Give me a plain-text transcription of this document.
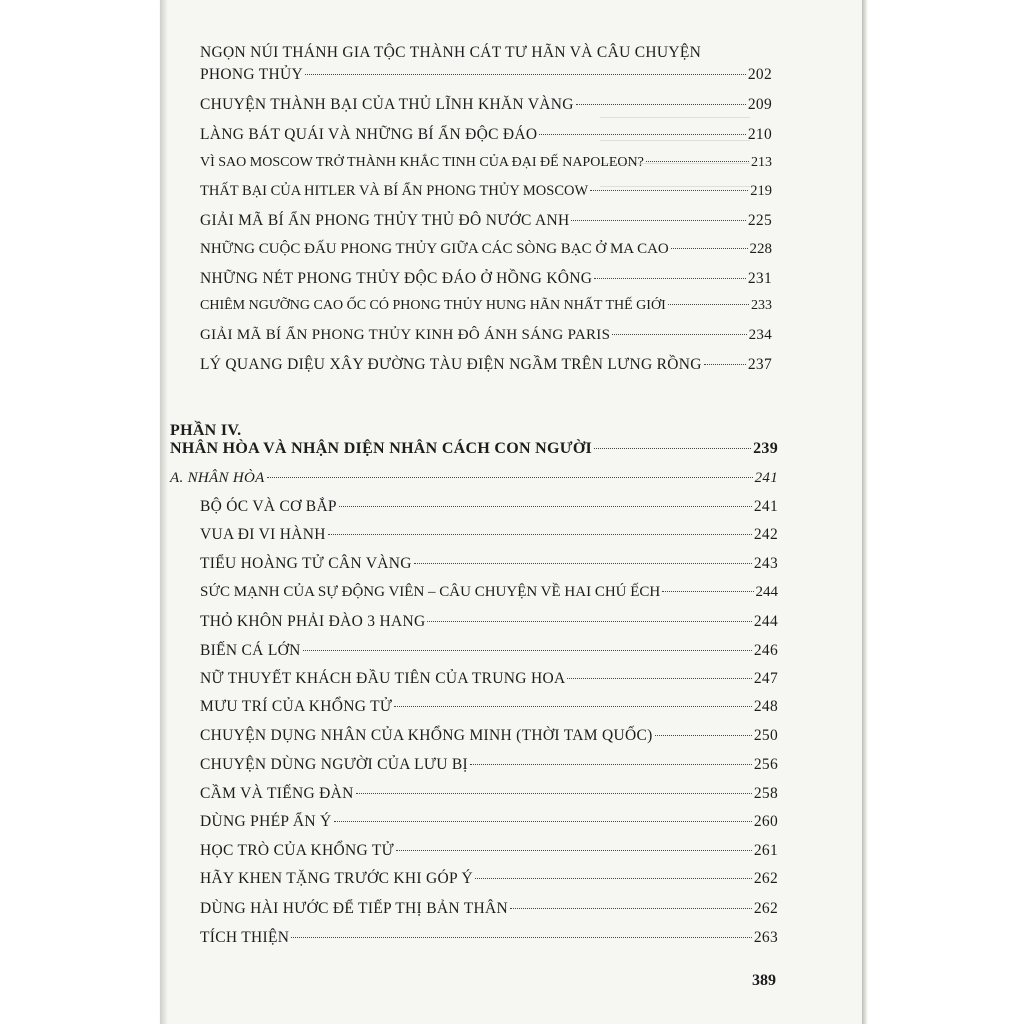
NGỌN NÚI THÁNH GIA TỘC THÀNH CÁT TƯ HÃN VÀ CÂU CHUYỆN
PHONG THỦY	202
CHUYỆN THÀNH BẠI CỦA THỦ LĨNH KHĂN VÀNG	209
LÀNG BÁT QUÁI VÀ NHỮNG BÍ ẨN ĐỘC ĐÁO	210
VÌ SAO MOSCOW TRỞ THÀNH KHẮC TINH CỦA ĐẠI ĐẾ NAPOLEON?	213
THẤT BẠI CỦA HITLER VÀ BÍ ẨN PHONG THỦY MOSCOW	219
GIẢI MÃ BÍ ẨN PHONG THỦY THỦ ĐÔ NƯỚC ANH	225
NHỮNG CUỘC ĐẤU PHONG THỦY GIỮA CÁC SÒNG BẠC Ở MA CAO	228
NHỮNG NÉT PHONG THỦY ĐỘC ĐÁO Ở HỒNG KÔNG	231
CHIÊM NGƯỠNG CAO ỐC CÓ PHONG THỦY HUNG HÃN NHẤT THẾ GIỚI	233
GIẢI MÃ BÍ ẨN PHONG THỦY KINH ĐÔ ÁNH SÁNG PARIS	234
LÝ QUANG DIỆU XÂY ĐƯỜNG TÀU ĐIỆN NGẦM TRÊN LƯNG RỒNG	237
PHẦN IV.
NHÂN HÒA VÀ NHẬN DIỆN NHÂN CÁCH CON NGƯỜI	239
A. NHÂN HÒA	241
BỘ ÓC VÀ CƠ BẮP	241
VUA ĐI VI HÀNH	242
TIỂU HOÀNG TỬ CÂN VÀNG	243
SỨC MẠNH CỦA SỰ ĐỘNG VIÊN – CÂU CHUYỆN VỀ HAI CHÚ ẾCH	244
THỎ KHÔN PHẢI ĐÀO 3 HANG	244
BIẾN CÁ LỚN	246
NỮ THUYẾT KHÁCH ĐẦU TIÊN CỦA TRUNG HOA	247
MƯU TRÍ CỦA KHỔNG TỬ	248
CHUYỆN DỤNG NHÂN CỦA KHỔNG MINH (THỜI TAM QUỐC)	250
CHUYỆN DÙNG NGƯỜI CỦA LƯU BỊ	256
CẦM VÀ TIẾNG ĐÀN	258
DÙNG PHÉP ẨN Ý	260
HỌC TRÒ CỦA KHỔNG TỬ	261
HÃY KHEN TẶNG TRƯỚC KHI GÓP Ý	262
DÙNG HÀI HƯỚC ĐỂ TIẾP THỊ BẢN THÂN	262
TÍCH THIỆN	263
389
